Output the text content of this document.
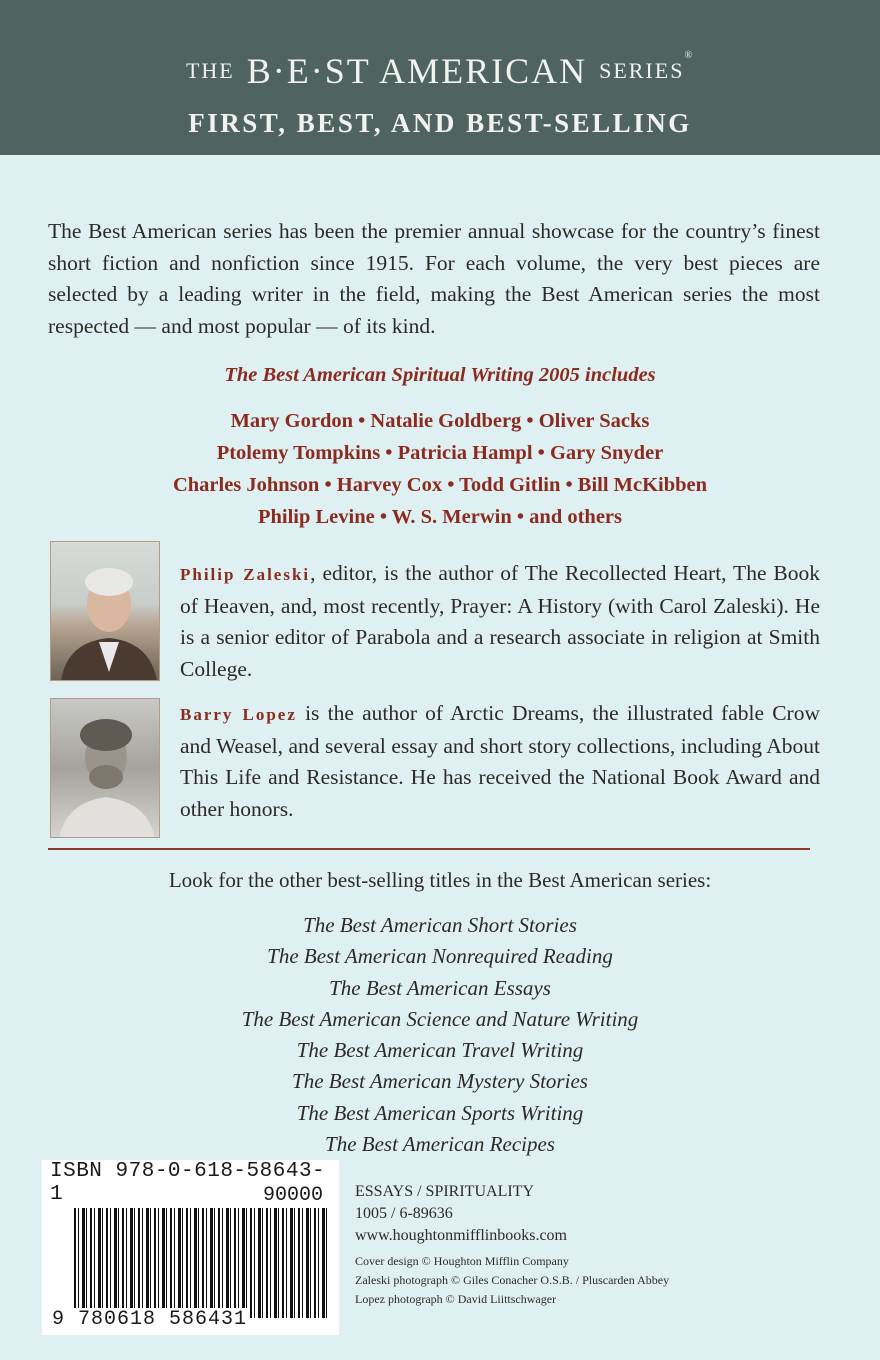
THE B·E·ST AMERICAN SERIES®
FIRST, BEST, AND BEST-SELLING
The Best American series has been the premier annual showcase for the country’s finest short fiction and nonfiction since 1915. For each volume, the very best pieces are selected by a leading writer in the field, making the Best American series the most respected — and most popular — of its kind.
The Best American Spiritual Writing 2005 includes
Mary Gordon • Natalie Goldberg • Oliver Sacks
Ptolemy Tompkins • Patricia Hampl • Gary Snyder
Charles Johnson • Harvey Cox • Todd Gitlin • Bill McKibben
Philip Levine • W. S. Merwin • and others
Philip Zaleski, editor, is the author of The Recollected Heart, The Book of Heaven, and, most recently, Prayer: A History (with Carol Zaleski). He is a senior editor of Parabola and a research associate in religion at Smith College.
Barry Lopez is the author of Arctic Dreams, the illustrated fable Crow and Weasel, and several essay and short story collections, including About This Life and Resistance. He has received the National Book Award and other honors.
Look for the other best-selling titles in the Best American series:
The Best American Short Stories
The Best American Nonrequired Reading
The Best American Essays
The Best American Science and Nature Writing
The Best American Travel Writing
The Best American Mystery Stories
The Best American Sports Writing
The Best American Recipes
ISBN 978-0-618-58643-1	90000
9 780618 586431
ESSAYS / SPIRITUALITY
1005 / 6-89636
www.houghtonmifflinbooks.com
Cover design © Houghton Mifflin Company
Zaleski photograph © Giles Conacher O.S.B. / Pluscarden Abbey
Lopez photograph © David Liittschwager
